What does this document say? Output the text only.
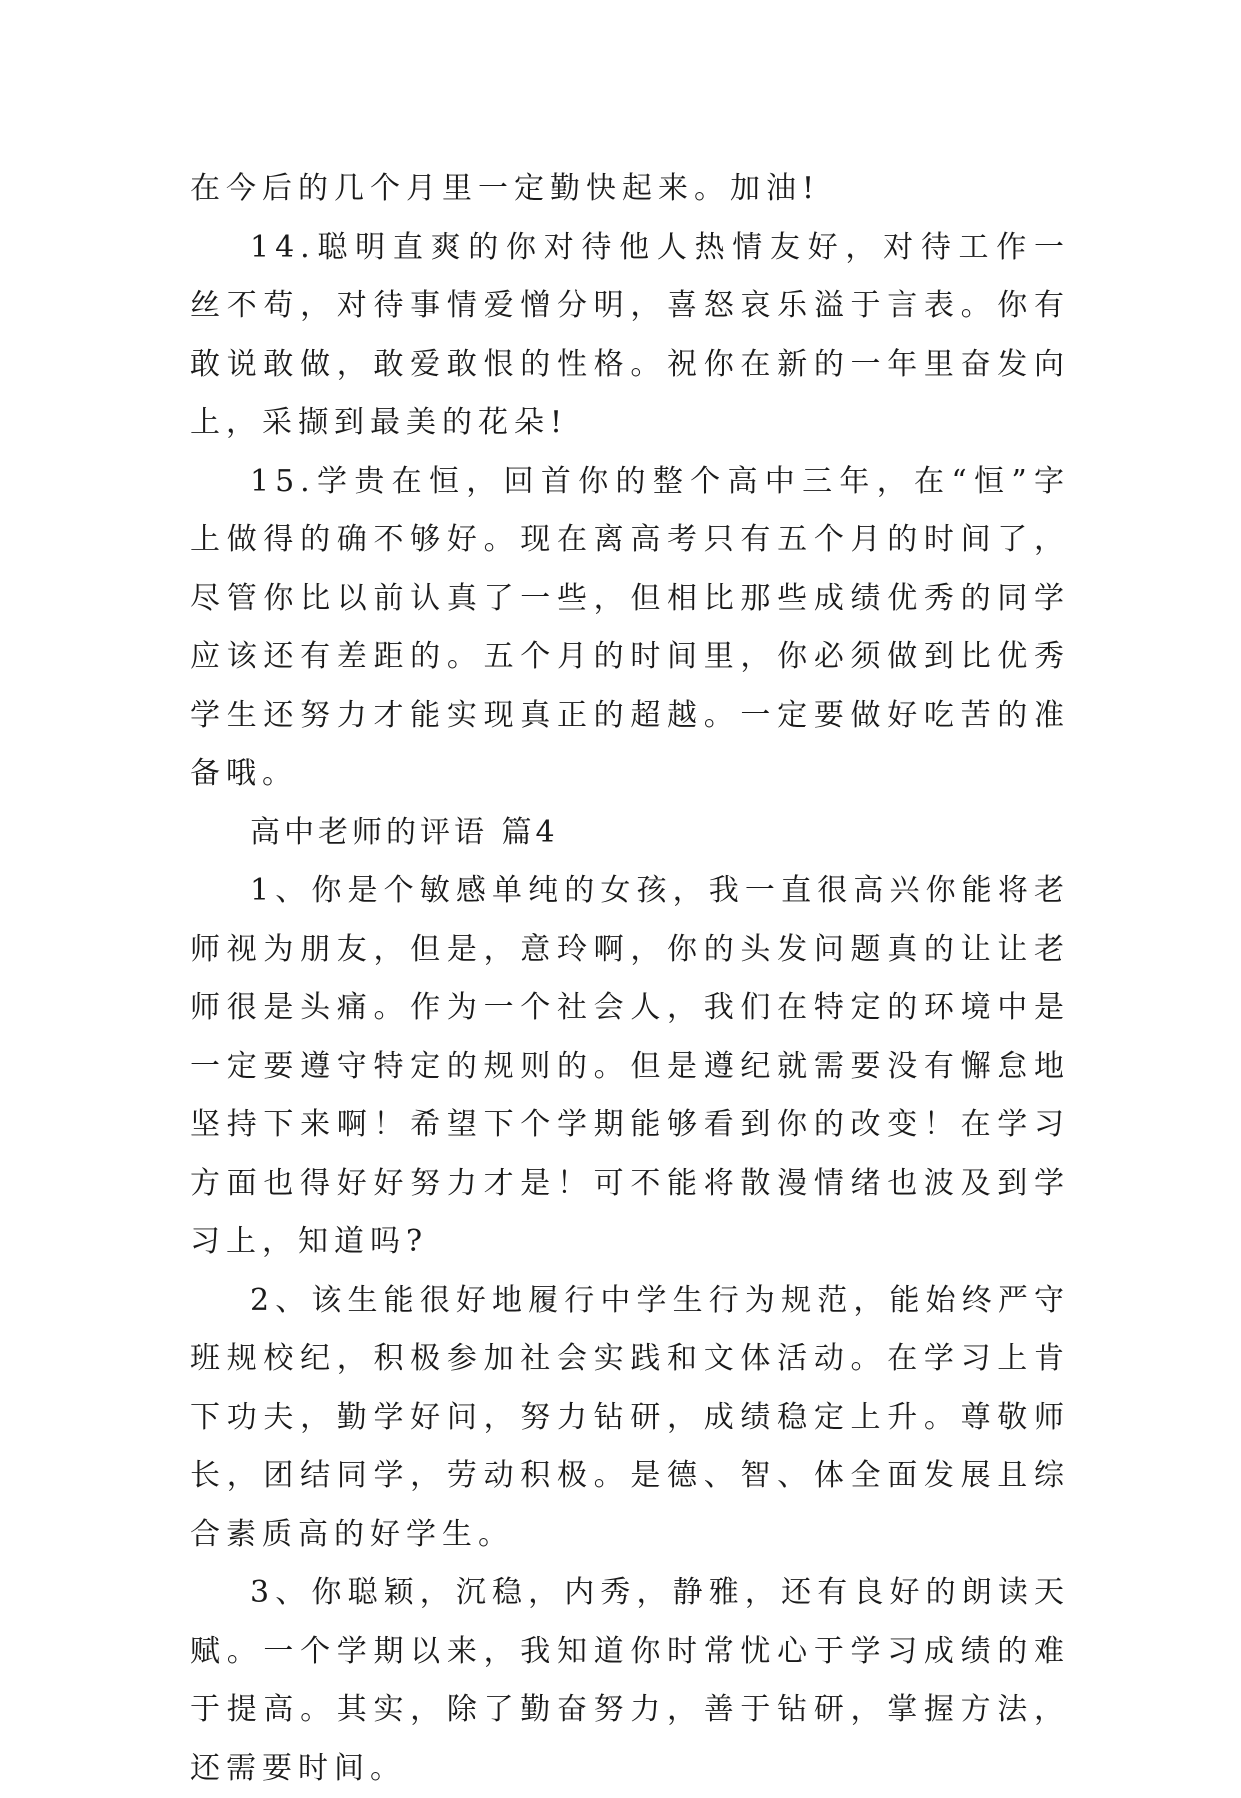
在今后的几个月里一定勤快起来。加油!

14.聪明直爽的你对待他人热情友好，对待工作一丝不苟，对待事情爱憎分明，喜怒哀乐溢于言表。你有敢说敢做，敢爱敢恨的性格。祝你在新的一年里奋发向上，采撷到最美的花朵!

15.学贵在恒，回首你的整个高中三年，在“恒”字上做得的确不够好。现在离高考只有五个月的时间了，尽管你比以前认真了一些，但相比那些成绩优秀的同学应该还有差距的。五个月的时间里，你必须做到比优秀学生还努力才能实现真正的超越。一定要做好吃苦的准备哦。

高中老师的评语 篇4

1、你是个敏感单纯的女孩，我一直很高兴你能将老师视为朋友，但是，意玲啊，你的头发问题真的让让老师很是头痛。作为一个社会人，我们在特定的环境中是一定要遵守特定的规则的。但是遵纪就需要没有懈怠地坚持下来啊！希望下个学期能够看到你的改变！在学习方面也得好好努力才是！可不能将散漫情绪也波及到学习上，知道吗?

2、该生能很好地履行中学生行为规范，能始终严守班规校纪，积极参加社会实践和文体活动。在学习上肯下功夫，勤学好问，努力钻研，成绩稳定上升。尊敬师长，团结同学，劳动积极。是德、智、体全面发展且综合素质高的好学生。

3、你聪颖，沉稳，内秀，静雅，还有良好的朗读天赋。一个学期以来，我知道你时常忧心于学习成绩的难于提高。其实，除了勤奋努力，善于钻研，掌握方法，还需要时间。
